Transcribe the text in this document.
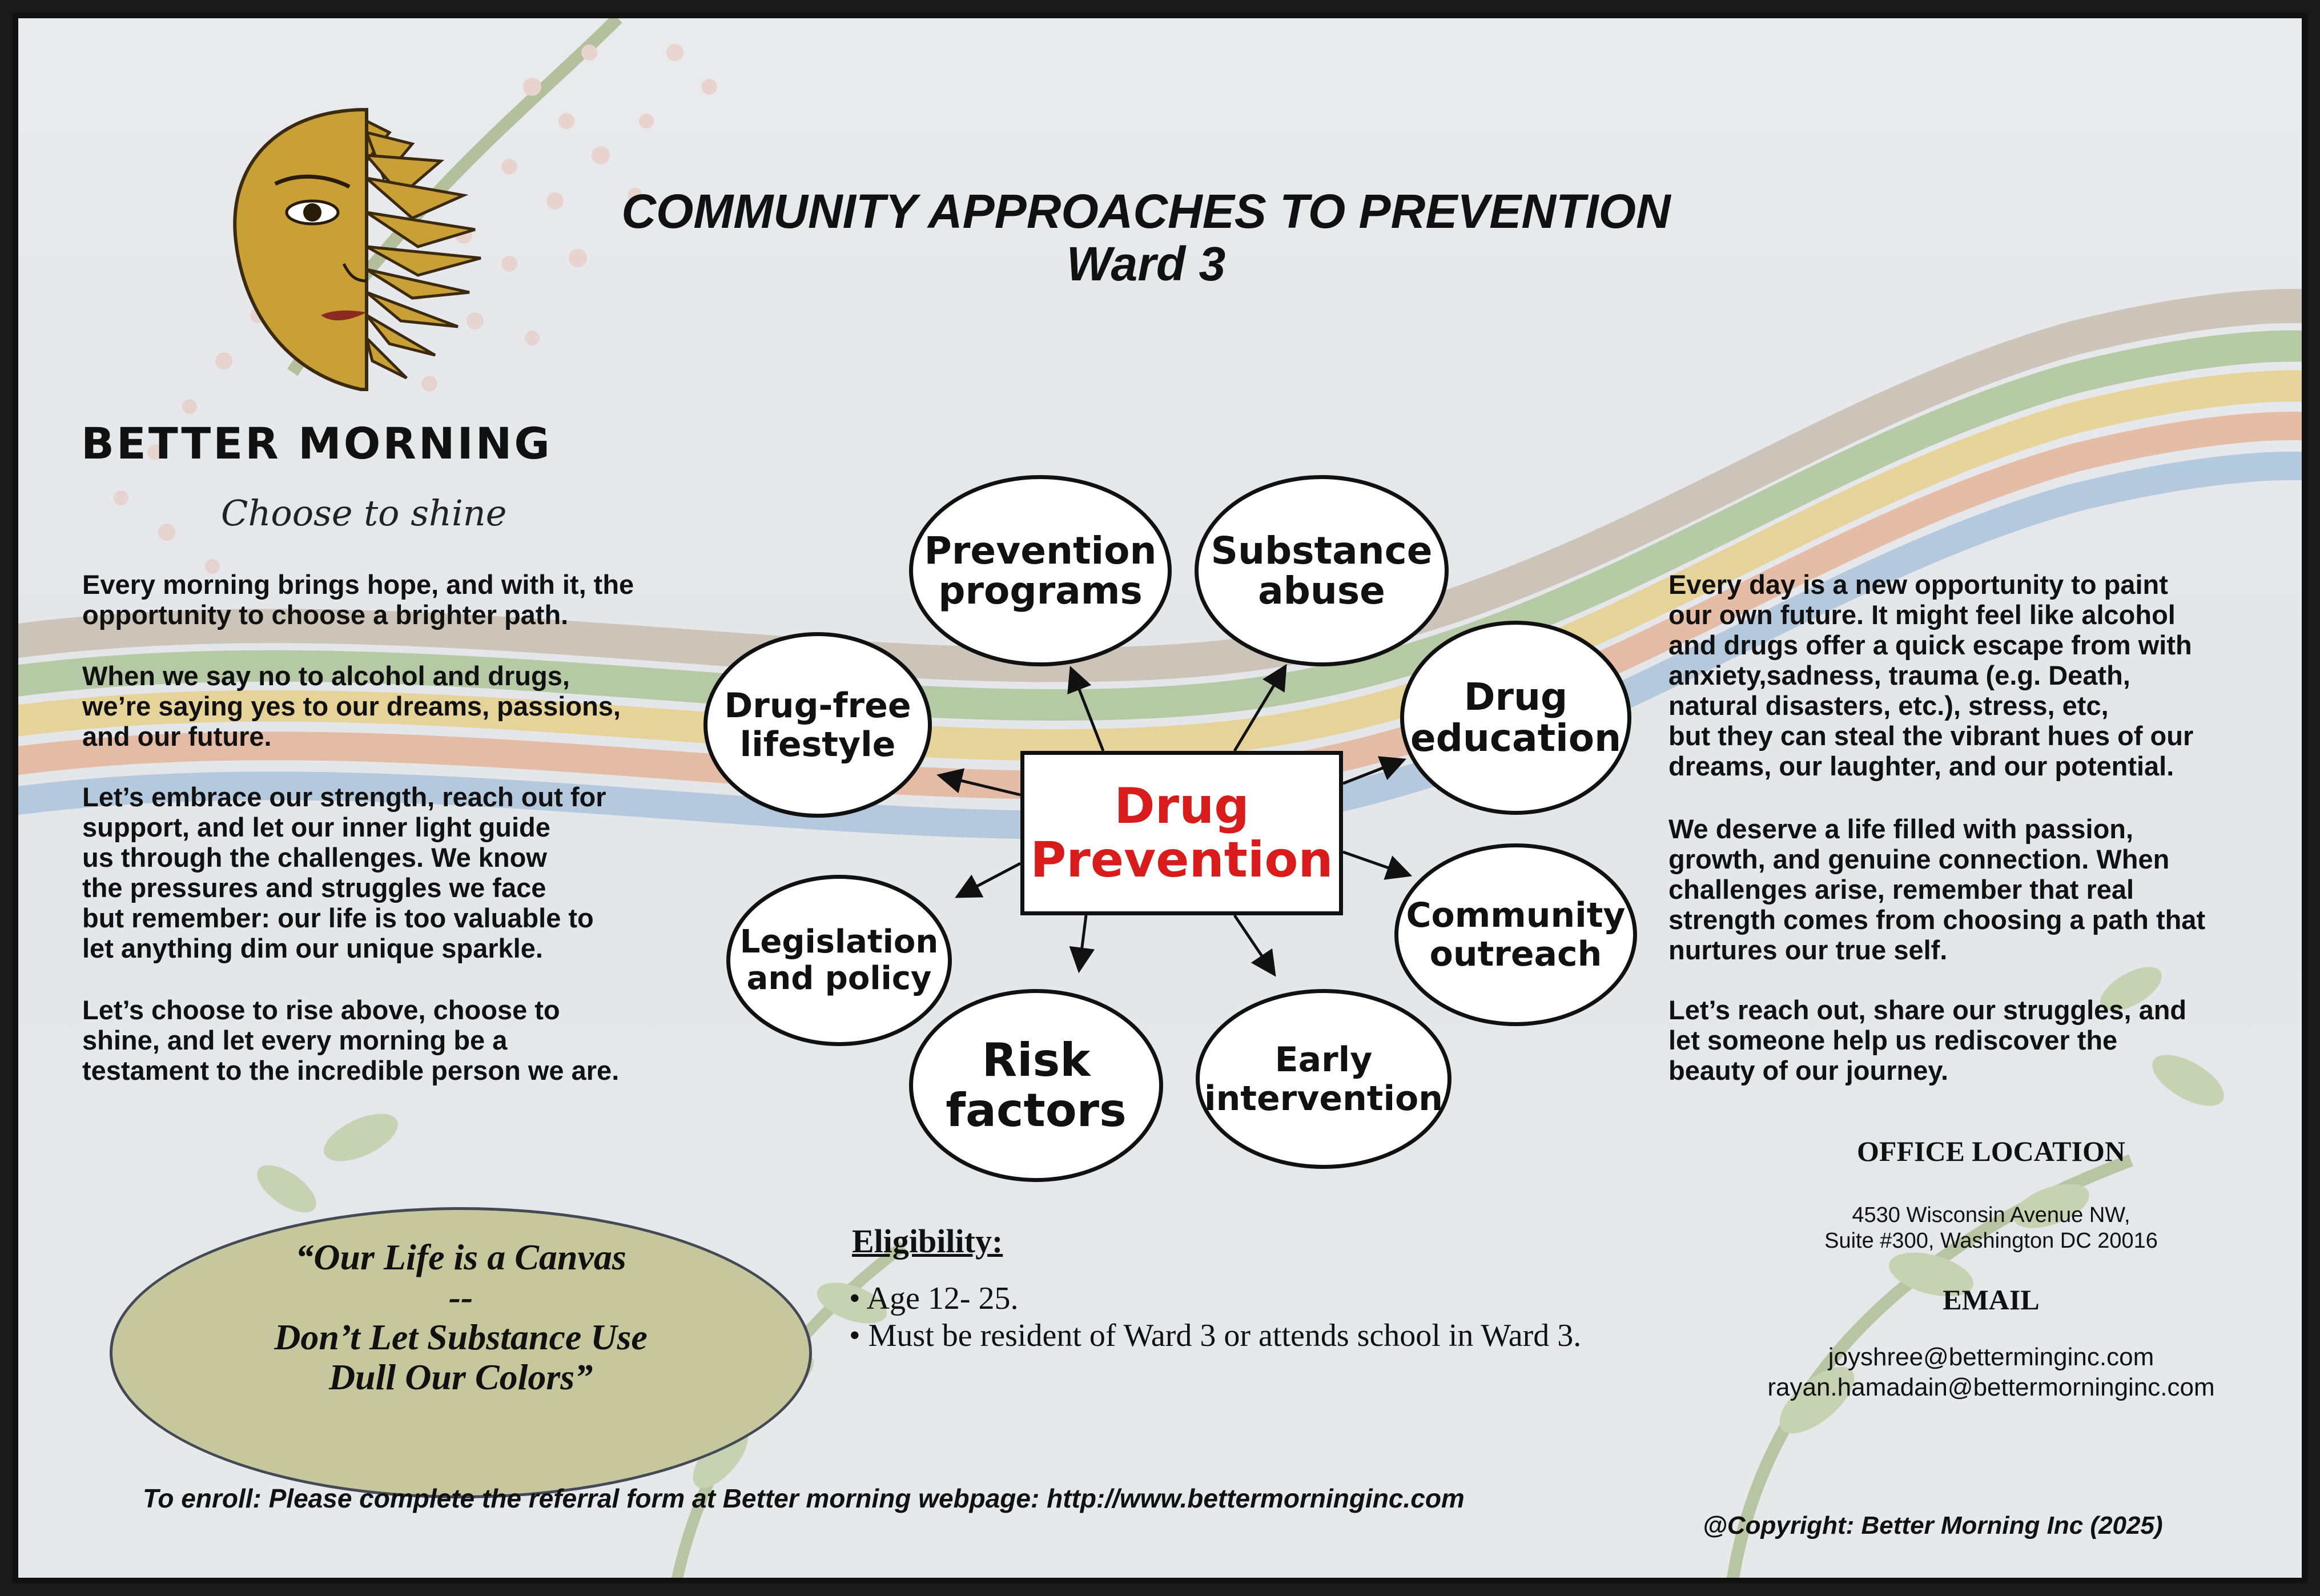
COMMUNITY APPROACHES TO PREVENTION
Ward 3
BETTER MORNING
Choose to shine
Every morning brings hope, and with it, the
opportunity to choose a brighter path.
When we say no to alcohol and drugs,
we’re saying yes to our dreams, passions,
and our future.
Let’s embrace our strength, reach out for
support, and let our inner light guide
us through the challenges. We know
the pressures and struggles we face
but remember: our life is too valuable to
let anything dim our unique sparkle.
Let’s choose to rise above, choose to
shine, and let every morning be a
testament to the incredible person we are.
Every day is a new opportunity to paint
our own future. It might feel like alcohol
and drugs offer a quick escape from with
anxiety,sadness, trauma (e.g. Death,
natural disasters, etc.), stress, etc,
but they can steal the vibrant hues of our
dreams, our laughter, and our potential.
We deserve a life filled with passion,
growth, and genuine connection. When
challenges arise, remember that real
strength comes from choosing a path that
nurtures our true self.
Let’s reach out, share our struggles, and
let someone help us rediscover the
beauty of our journey.
Prevention
programs
Substance
abuse
Drug
education
Community
outreach
Early
intervention
Risk
factors
Legislation
and policy
Drug-free
lifestyle
Drug
Prevention
“Our Life is a Canvas
--
Don’t Let Substance Use
Dull Our Colors”
Eligibility:
• Age 12- 25.
• Must be resident of Ward 3 or attends school in Ward 3.
OFFICE LOCATION
4530 Wisconsin Avenue NW,
Suite #300, Washington DC 20016
EMAIL
joyshree@betterminginc.com
rayan.hamadain@bettermorninginc.com
To enroll: Please complete the referral form at Better morning webpage: http://www.bettermorninginc.com
@Copyright: Better Morning Inc (2025)
